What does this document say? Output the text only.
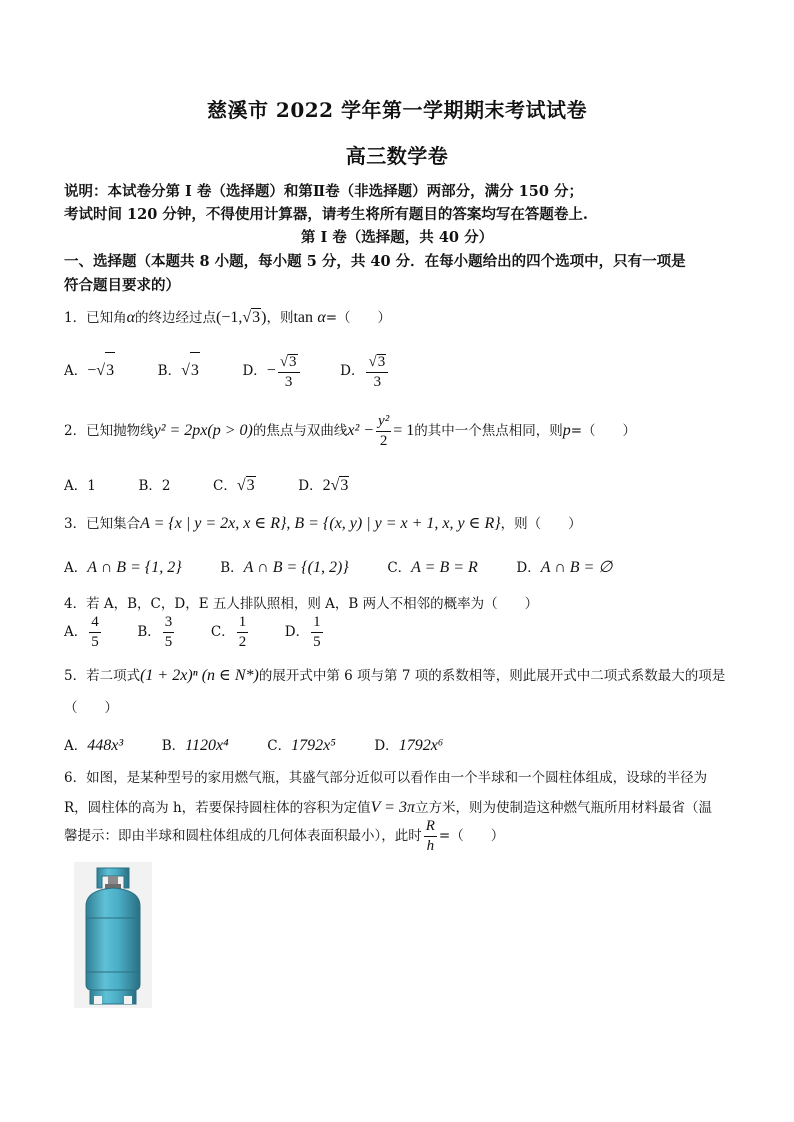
慈溪市 2022 学年第一学期期末考试试卷
高三数学卷
说明：本试卷分第 I 卷（选择题）和第Ⅱ卷（非选择题）两部分，满分 150 分；
考试时间 120 分钟，不得使用计算器，请考生将所有题目的答案均写在答题卷上.
第 I 卷（选择题，共 40 分）
一、选择题（本题共 8 小题，每小题 5 分，共 40 分．在每小题给出的四个选项中，只有一项是
符合题目要求的）
1．已知角α的终边经过点(−1,√3)，则tan α=（　　）
A．−√3	B．√3	D．− $\frac{√3}{3}$	D． $\frac{√3}{3}$
2．已知抛物线y² = 2px(p > 0)的焦点与双曲线$x^2 - \frac{\text{y²}}{2} = 1$的其中一个焦点相同，则p=（　　）
A．1	B．2	C．√3	D．2√3
3．已知集合A = {x | y = 2x, x ∈ R}, B = {(x, y) | y = x + 1, x, y ∈ R}，则（　　）
A．A ∩ B = {1, 2}	B．A ∩ B = {(1, 2)}	C．A = B = R	D．A ∩ B = ∅
4．若 A，B，C，D，E 五人排队照相，则 A，B 两人不相邻的概率为（　　）
A． $\frac{4}{5}$	B． $\frac{3}{5}$	C． $\frac{1}{2}$	D． $\frac{1}{5}$
5．若二项式(1 + 2x)ⁿ (n ∈ N*)的展开式中第 6 项与第 7 项的系数相等，则此展开式中二项式系数最大的项是
（　　）
A．448x³	B．1120x⁴	C．1792x⁵	D．1792x⁶
6．如图，是某种型号的家用燃气瓶，其盛气部分近似可以看作由一个半球和一个圆柱体组成，设球的半径为
R，圆柱体的高为 h，若要保持圆柱体的容积为定值V = 3π立方米，则为使制造这种燃气瓶所用材料最省（温
馨提示：即由半球和圆柱体组成的几何体表面积最小），此时 $\frac{R}{h}$ =（　　）
